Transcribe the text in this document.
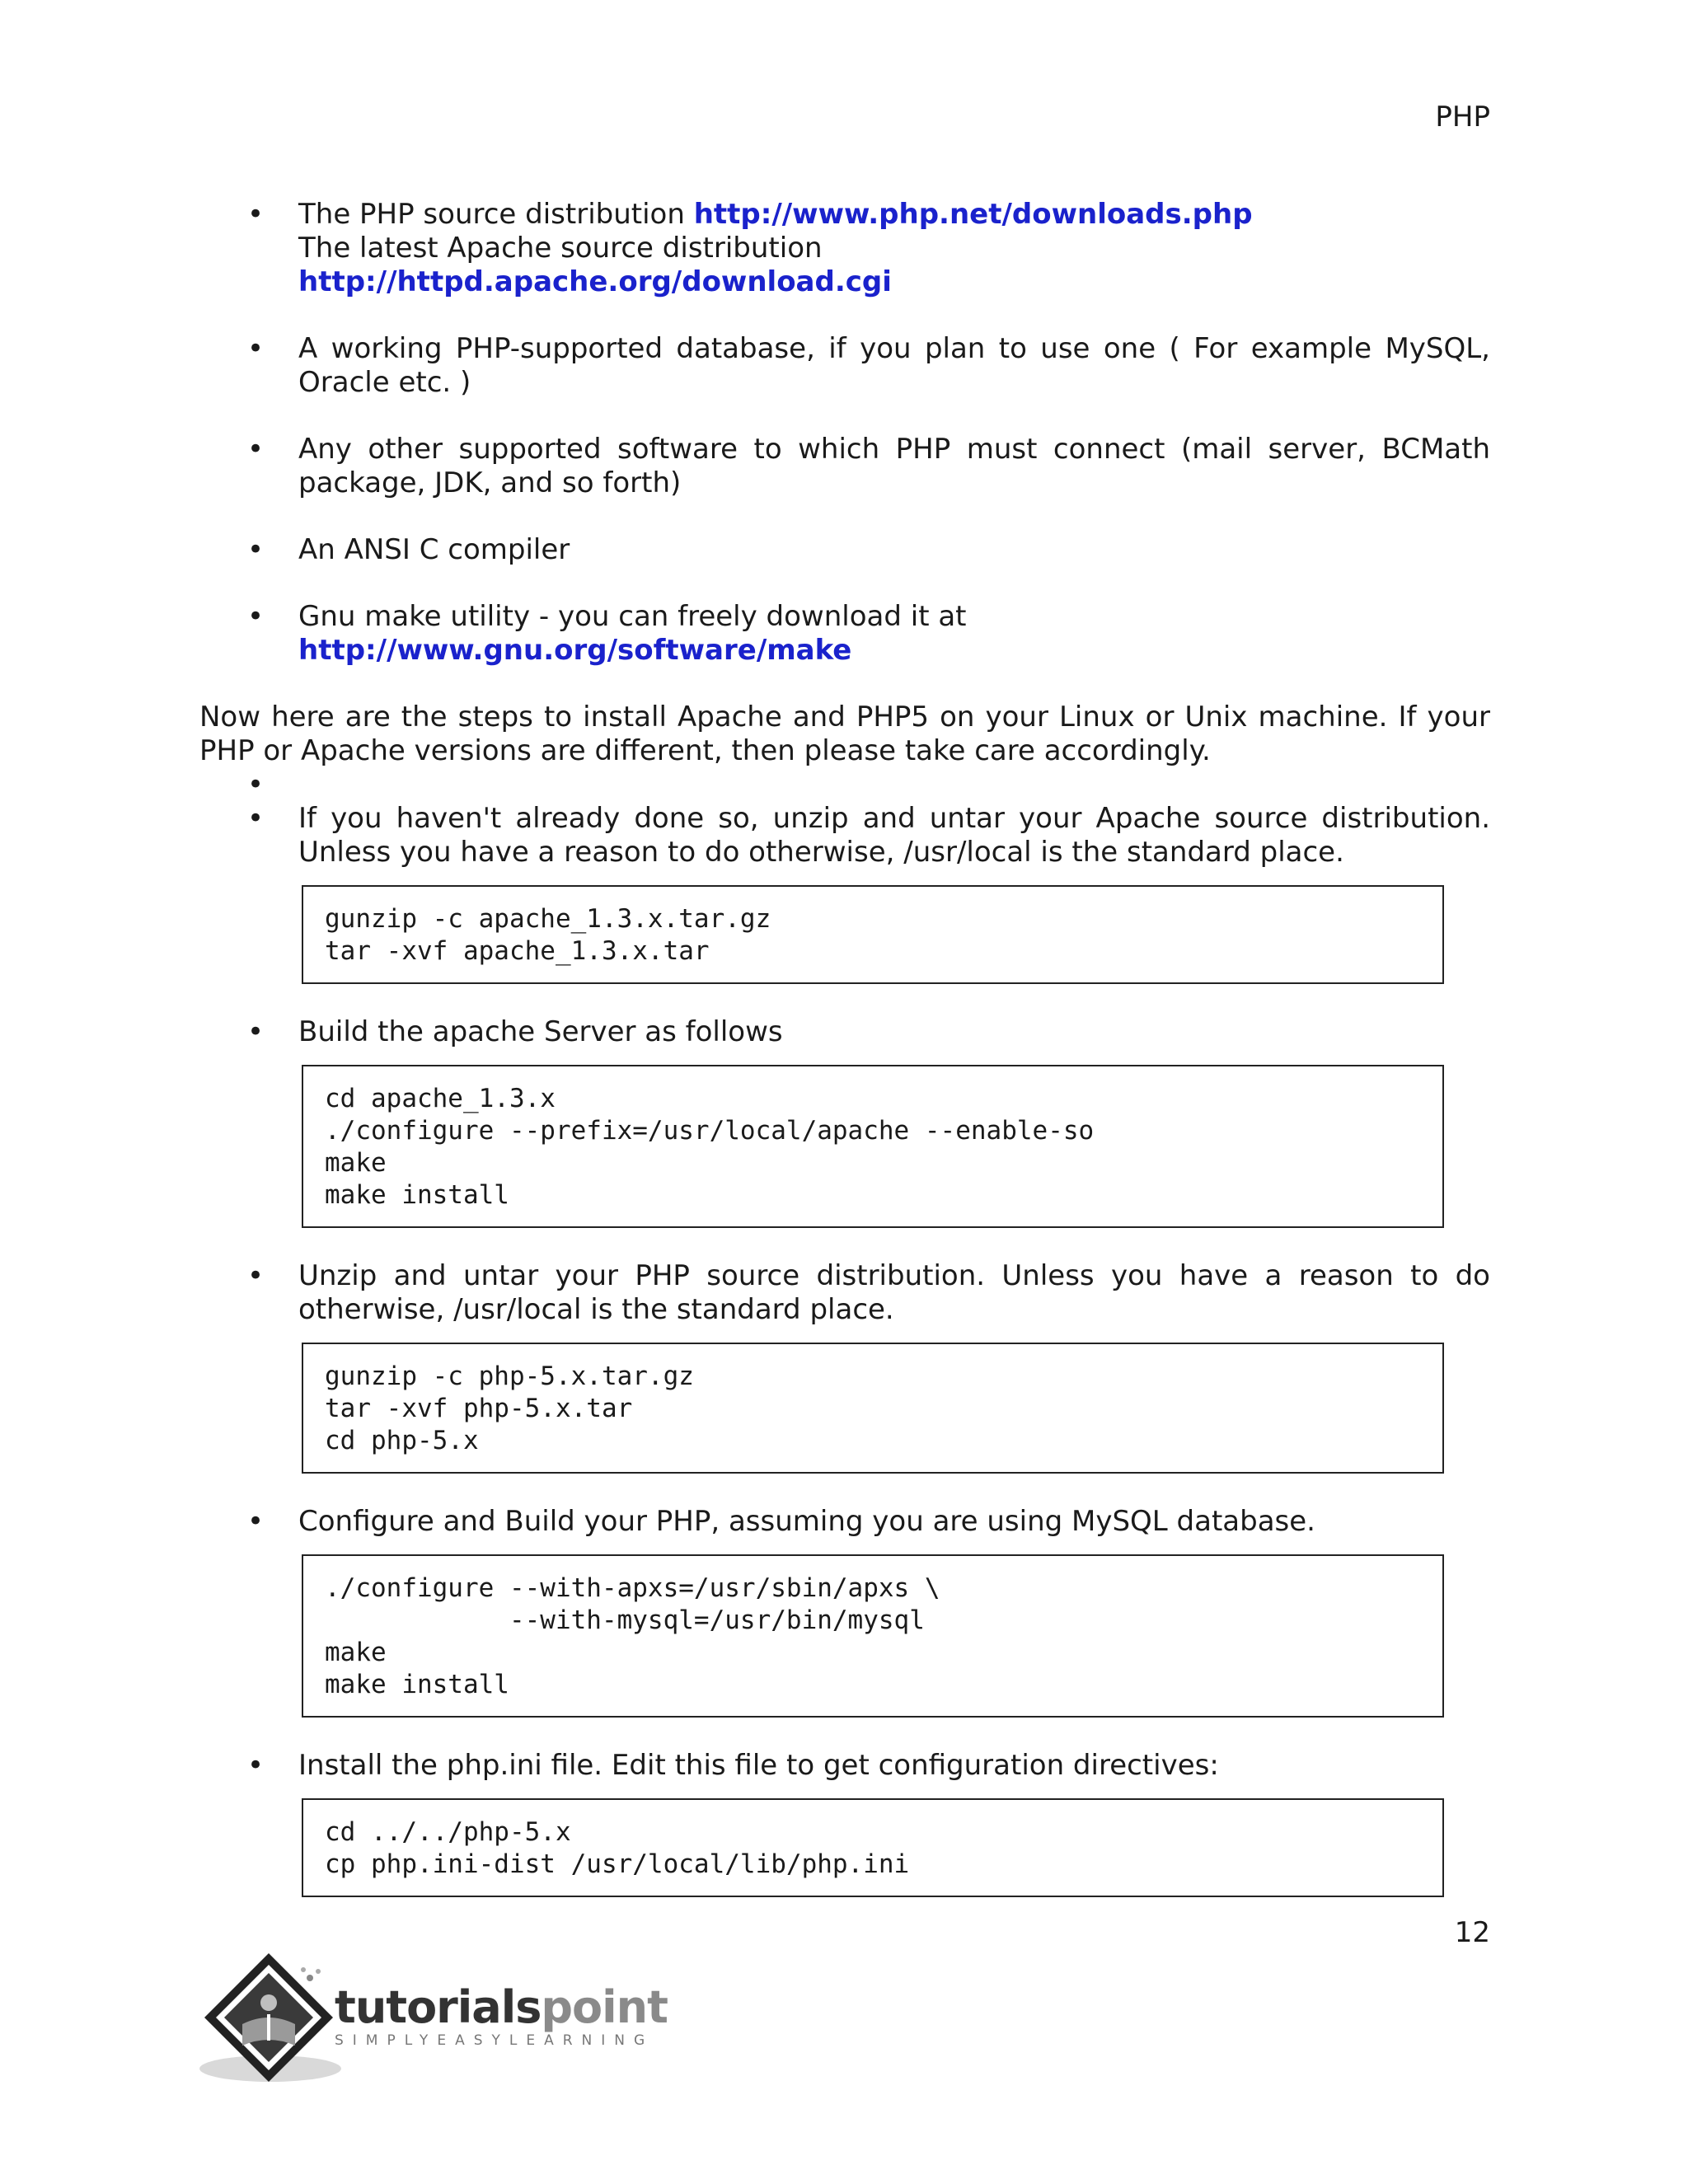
PHP
• The PHP source distribution http://www.php.net/downloads.php
The latest Apache source distribution
http://httpd.apache.org/download.cgi
• A working PHP-supported database, if you plan to use one ( For example MySQL, Oracle etc. )
• Any other supported software to which PHP must connect (mail server, BCMath package, JDK, and so forth)
• An ANSI C compiler
• Gnu make utility - you can freely download it at
http://www.gnu.org/software/make
Now here are the steps to install Apache and PHP5 on your Linux or Unix machine. If your PHP or Apache versions are different, then please take care accordingly.
•
• If you haven't already done so, unzip and untar your Apache source distribution. Unless you have a reason to do otherwise, /usr/local is the standard place.
gunzip -c apache_1.3.x.tar.gz
tar -xvf apache_1.3.x.tar
• Build the apache Server as follows
cd apache_1.3.x
./configure --prefix=/usr/local/apache --enable-so
make
make install
• Unzip and untar your PHP source distribution. Unless you have a reason to do otherwise, /usr/local is the standard place.
gunzip -c php-5.x.tar.gz
tar -xvf php-5.x.tar
cd php-5.x
• Configure and Build your PHP, assuming you are using MySQL database.
./configure --with-apxs=/usr/sbin/apxs \
--with-mysql=/usr/bin/mysql
make
make install
• Install the php.ini file. Edit this file to get configuration directives:
cd ../../php-5.x
cp php.ini-dist /usr/local/lib/php.ini
12
tutorialspoint
SIMPLYEASYLEARNING
